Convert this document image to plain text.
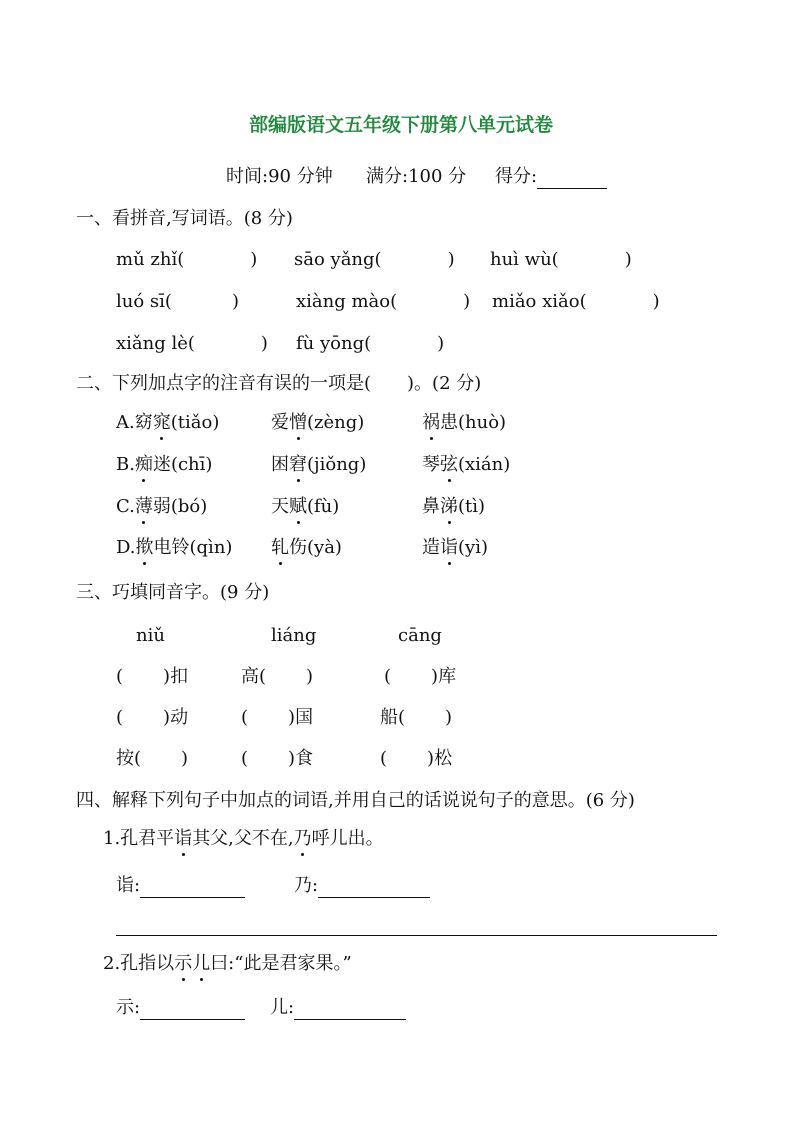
部编版语文五年级下册第八单元试卷
时间:90 分钟 满分:100 分 得分:
一、看拼音,写词语。(8 分)
mǔ zhǐ(	) sāo yǎng(	) huì wù(	)
luó sī(	)	xiàng mào(	) miǎo xiǎo(	)
xiǎng lè(	) fù yōng(	)
二、下列加点字的注音有误的一项是(　　)。(2 分)
A.窈窕(tiǎo)	爱憎(zèng)	祸患(huò)
B.痴迷(chī)	困窘(jiǒng)	琴弦(xián)
C.薄弱(bó)	天赋(fù)	鼻涕(tì)
D.揿电铃(qìn) 轧伤(yà)	造诣(yì)
三、巧填同音字。(9 分)
niǔ	liáng	cāng
( )扣	高( )	( )库
( )动	( )国	船( )
按( )	( )食	( )松
四、解释下列句子中加点的词语,并用自己的话说说句子的意思。(6 分)
1.孔君平诣其父,父不在,乃呼儿出。
诣:	乃:
2.孔指以示儿曰:“此是君家果。”
示:	儿:
